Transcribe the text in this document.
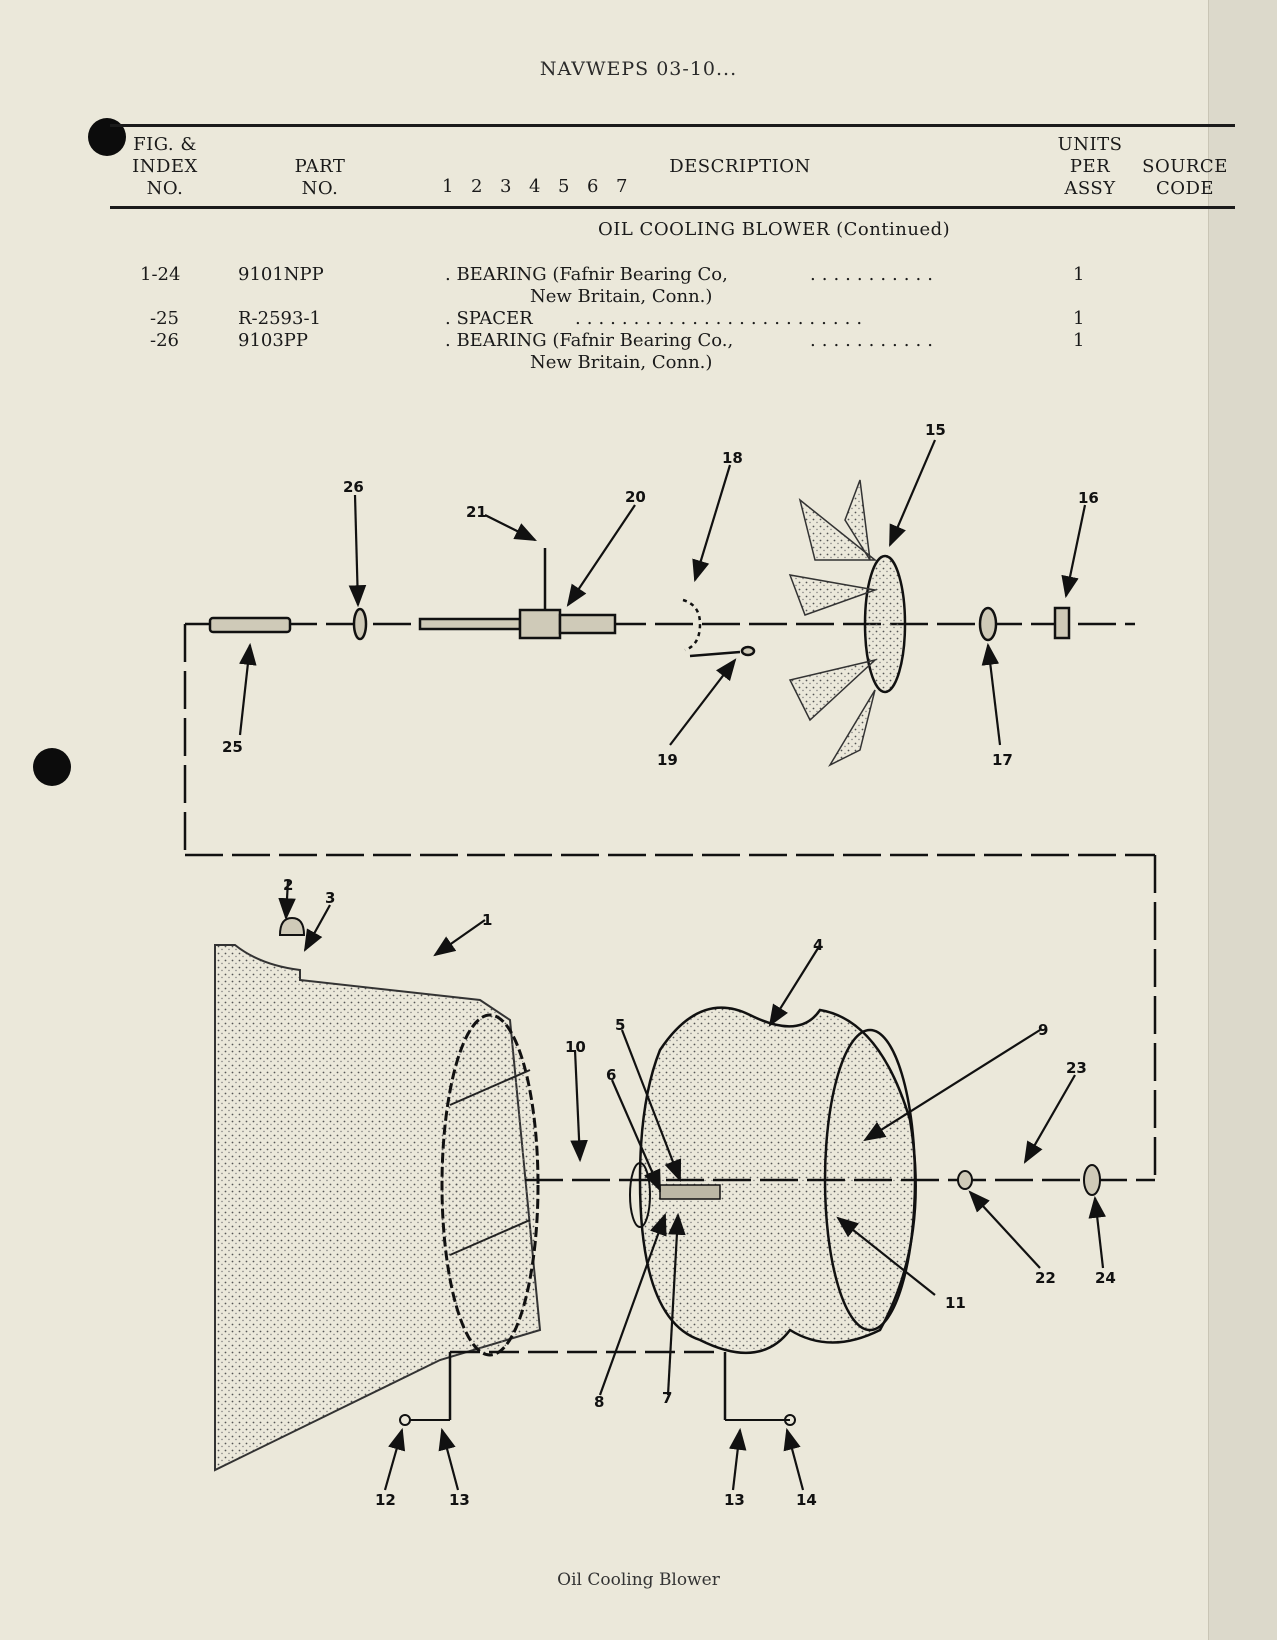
NAVWEPS 03-10...
FIG. &
INDEX
NO.
PART
NO.	1 2 3 4 5 6 7
DESCRIPTION
UNITS
PER
ASSY
SOURCE
CODE
OIL COOLING BLOWER (Continued)
1-24	9101NPP	. BEARING (Fafnir Bearing Co,	...........	1
New Britain, Conn.)
-25	R-2593-1	. SPACER .........................	1
-26	9103PP	. BEARING (Fafnir Bearing Co.,	...........	1
New Britain, Conn.)
26
21
20
18
15
16
25
19	17
1
2
3
4
9
23
10
5
6
8	7
11
22	24
12	13	13	14
Oil Cooling Blower
